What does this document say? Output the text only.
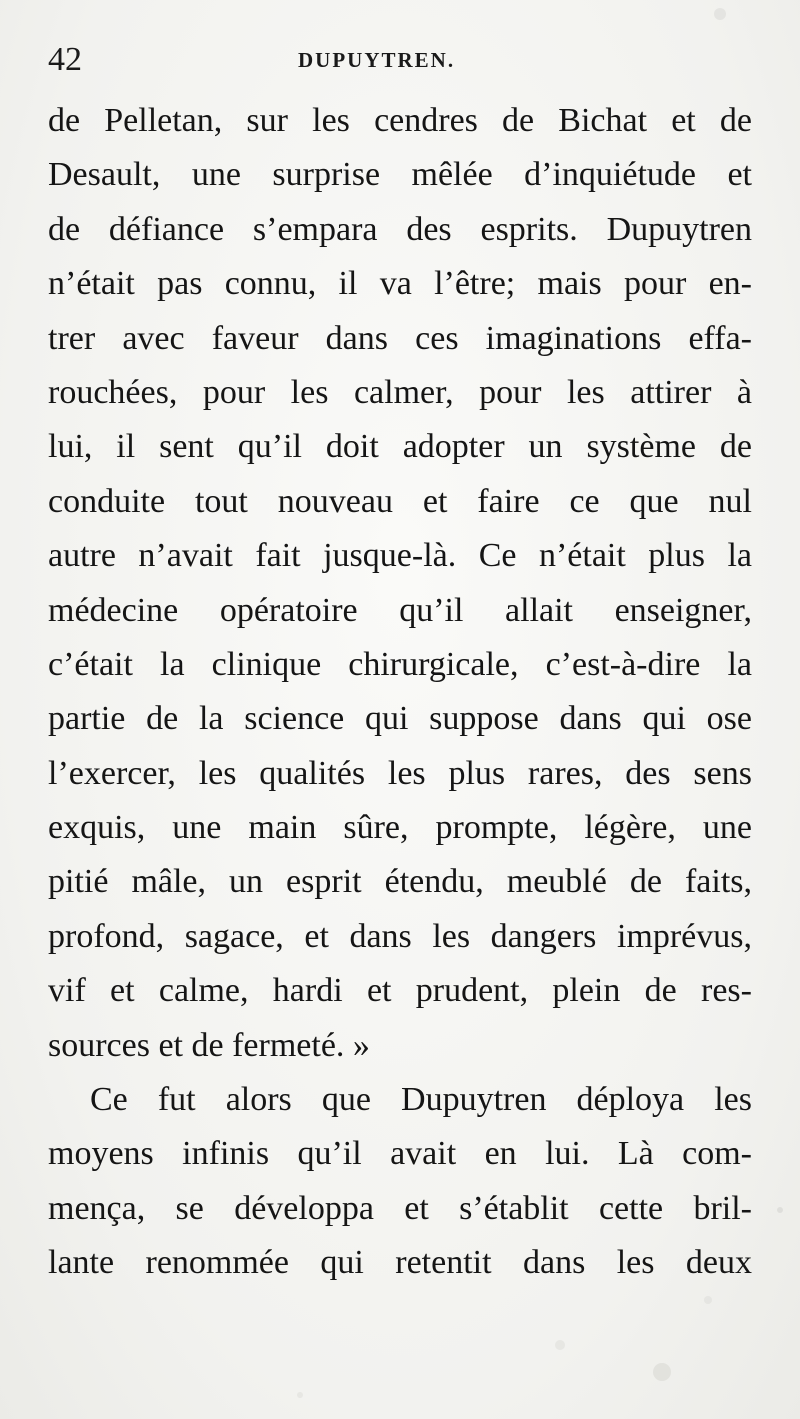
42	DUPUYTREN.
de Pelletan, sur les cendres de Bichat et de
Desault, une surprise mêlée d’inquiétude et
de défiance s’empara des esprits. Dupuytren
n’était pas connu, il va l’être; mais pour en-
trer avec faveur dans ces imaginations effa-
rouchées, pour les calmer, pour les attirer à
lui, il sent qu’il doit adopter un système de
conduite tout nouveau et faire ce que nul
autre n’avait fait jusque-là. Ce n’était plus la
médecine opératoire qu’il allait enseigner,
c’était la clinique chirurgicale, c’est-à-dire la
partie de la science qui suppose dans qui ose
l’exercer, les qualités les plus rares, des sens
exquis, une main sûre, prompte, légère, une
pitié mâle, un esprit étendu, meublé de faits,
profond, sagace, et dans les dangers imprévus,
vif et calme, hardi et prudent, plein de res-
sources et de fermeté. »
Ce fut alors que Dupuytren déploya les
moyens infinis qu’il avait en lui. Là com-
mença, se développa et s’établit cette bril-
lante renommée qui retentit dans les deux
